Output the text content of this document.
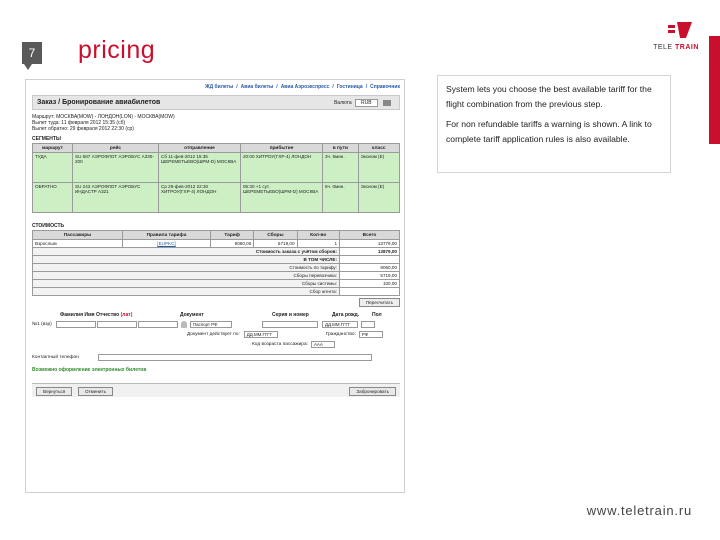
7 pricing	TELE TRAIN
ЖД билеты / Авиа билеты / Авиа Аэроэкспресс / Гостиница / Справочник
Заказ / Бронирование авиабилетов	Валюта RUB
Маршрут: МОСКВА(MOW) - ЛОНДОН(LON) - МОСКВА(MOW)
Вылет туда: 11 февраля 2012 15:35 (сб)
Вылет обратно: 29 февраля 2012 22:30 (ср)
СЕГМЕНТЫ
маршрут	рейс	отправление	прибытие	в пути	класс
ТУДА	SU 587 АЭРОФЛОТ АЭРОБУС A330-200	Сб 11-фев-2012 15:35 ШЕРЕМЕТЬЕВО(ШРМ-D) МОСКВА	20:00 ХИТРОУ(ГХР-4) ЛОНДОН	3ч. 5мин.	Эконом (E)
ОБРАТНО	SU 243 АЭРОФЛОТ АЭРОБУС ИНДАСТР А321	Ср 29-фев-2012 22:30 ХИТРОУ(ГХР-4) ЛОНДОН	05:30 +1 сут. ШЕРЕМЕТЬЕВО(ШРМ-D) МОСКВА	5ч. 0мин.	Эконом (E)
СТОИМОСТЬ
Пассажиры	Правила тарифа	Тариф	Сборы	Кол-во	Всего
Взрослым	[EUPKC]	8060,00	5719,00	1	13779,00
Стоимость заказа с учётом сборов:					13879,00
В ТОМ ЧИСЛЕ:					
Стоимость по тарифу:					8060,00
Сборы перевозчика:					5719,00
Сборы системы:					100,00
Сбор агента:					
Пересчитать
Фамилия Имя Отчество (лат)	Документ	Серия и номер	Дата рожд.	Пол
№1 (взр)	Паспорт РФ	ДД.ММ.ГГГГ
Документ действует по:	ДД.ММ.ГГГГ	Гражданство:	РФ
Код возраста пассажира:	AAA
Контактный телефон
Возможно оформление электронных билетов
Вернуться	Отменить	Забронировать

System lets you choose the best available tariff for the flight combination from the previous step.

For non refundable tariffs a warning is shown. A link to complete tariff application rules is also available.

www.teletrain.ru
